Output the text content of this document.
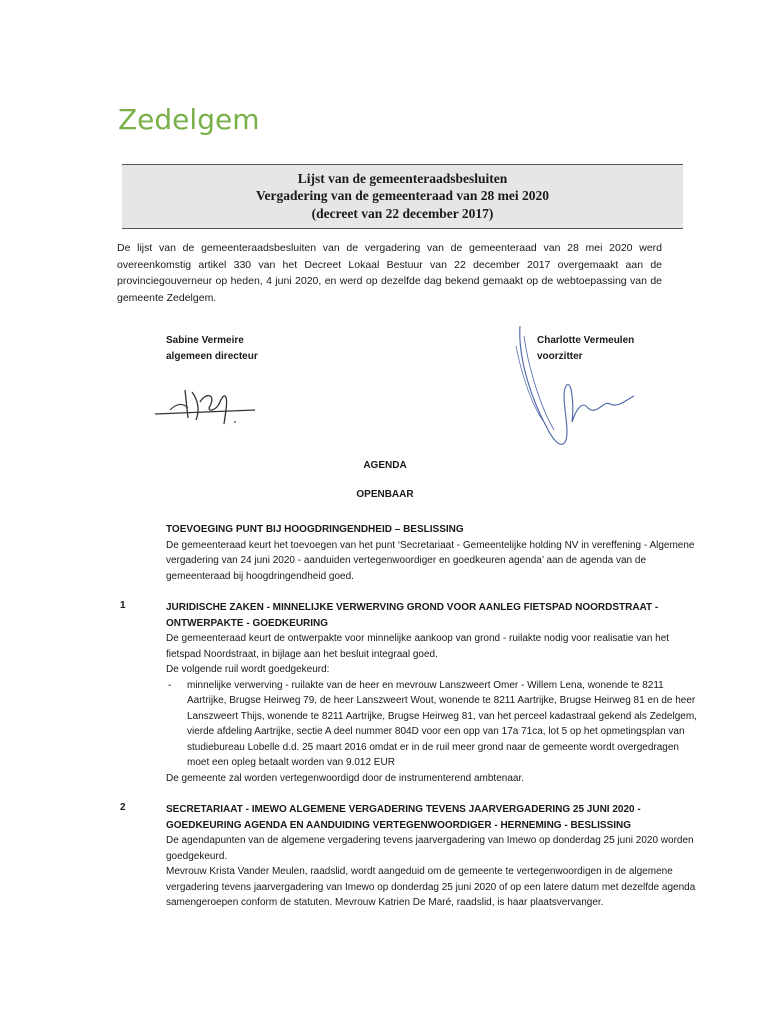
Zedelgem
Lijst van de gemeenteraadsbesluiten
Vergadering van de gemeenteraad van 28 mei 2020
(decreet van 22 december 2017)
De lijst van de gemeenteraadsbesluiten van de vergadering van de gemeenteraad van 28 mei 2020 werd overeenkomstig artikel 330 van het Decreet Lokaal Bestuur van 22 december 2017 overgemaakt aan de provinciegouverneur op heden, 4 juni 2020, en werd op dezelfde dag bekend gemaakt op de webtoepassing van de gemeente Zedelgem.
Sabine Vermeire
algemeen directeur
Charlotte Vermeulen
voorzitter
AGENDA
OPENBAAR
TOEVOEGING PUNT BIJ HOOGDRINGENDHEID – BESLISSING
De gemeenteraad keurt het toevoegen van het punt ‘Secretariaat - Gemeentelijke holding NV in vereffening - Algemene vergadering van 24 juni 2020 - aanduiden vertegenwoordiger en goedkeuren agenda’ aan de agenda van de gemeenteraad bij hoogdringendheid goed.
1	JURIDISCHE ZAKEN - MINNELIJKE VERWERVING GROND VOOR AANLEG FIETSPAD NOORDSTRAAT - ONTWERPAKTE - GOEDKEURING
De gemeenteraad keurt de ontwerpakte voor minnelijke aankoop van grond - ruilakte nodig voor realisatie van het fietspad Noordstraat, in bijlage aan het besluit integraal goed.
De volgende ruil wordt goedgekeurd:
- minnelijke verwerving - ruilakte van de heer en mevrouw Lanszweert Omer - Willem Lena, wonende te 8211 Aartrijke, Brugse Heirweg 79, de heer Lanszweert Wout, wonende te 8211 Aartrijke, Brugse Heirweg 81 en de heer Lanszweert Thijs, wonende te 8211 Aartrijke, Brugse Heirweg 81, van het perceel kadastraal gekend als Zedelgem, vierde afdeling Aartrijke, sectie A deel nummer 804D voor een opp van 17a 71ca, lot 5 op het opmetingsplan van studiebureau Lobelle d.d. 25 maart 2016 omdat er in de ruil meer grond naar de gemeente wordt overgedragen moet een opleg betaalt worden van 9.012 EUR
De gemeente zal worden vertegenwoordigd door de instrumenterend ambtenaar.
2	SECRETARIAAT - IMEWO ALGEMENE VERGADERING TEVENS JAARVERGADERING 25 JUNI 2020 - GOEDKEURING AGENDA EN AANDUIDING VERTEGENWOORDIGER - HERNEMING - BESLISSING
De agendapunten van de algemene vergadering tevens jaarvergadering van Imewo op donderdag 25 juni 2020 worden goedgekeurd.
Mevrouw Krista Vander Meulen, raadslid, wordt aangeduid om de gemeente te vertegenwoordigen in de algemene vergadering tevens jaarvergadering van Imewo op donderdag 25 juni 2020 of op een latere datum met dezelfde agenda samengeroepen conform de statuten. Mevrouw Katrien De Maré, raadslid, is haar plaatsvervanger.
